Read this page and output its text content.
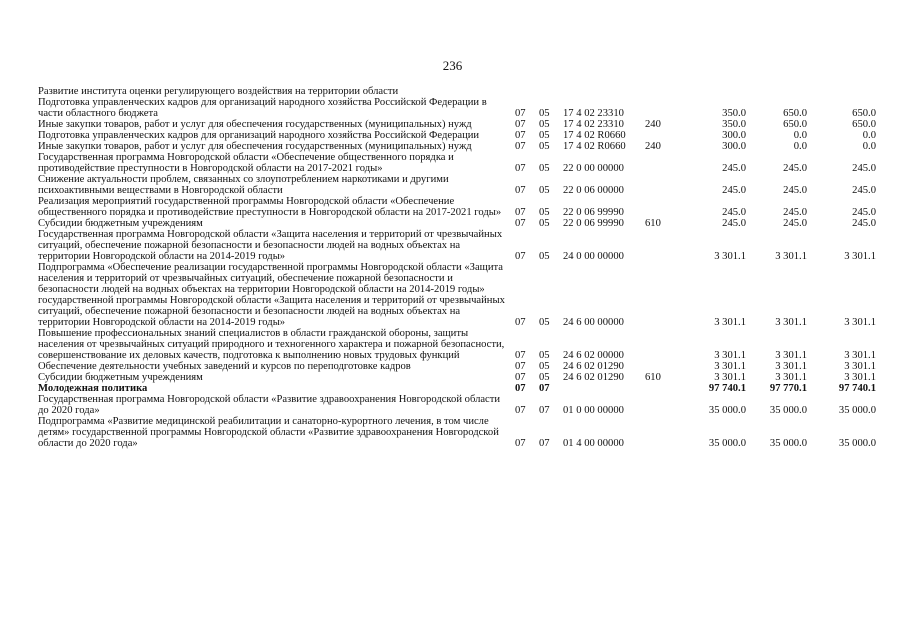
236
Развитие института оценки регулирующего воздействия на территории области							
Подготовка управленческих кадров для организаций народного хозяйства Российской Федерации в части областного бюджета	07	05	17 4 02 23310		350.0	650.0	650.0
Иные закупки товаров, работ и услуг для обеспечения государственных (муниципальных) нужд	07	05	17 4 02 23310	240	350.0	650.0	650.0
Подготовка управленческих кадров для организаций народного хозяйства Российской Федерации	07	05	17 4 02 R0660		300.0	0.0	0.0
Иные закупки товаров, работ и услуг для обеспечения государственных (муниципальных) нужд	07	05	17 4 02 R0660	240	300.0	0.0	0.0
Государственная программа Новгородской области «Обеспечение общественного порядка и противодействие преступности в Новгородской области на 2017-2021 годы»	07	05	22 0 00 00000		245.0	245.0	245.0
Снижение актуальности проблем, связанных со злоупотреблением наркотиками и другими психоактивными веществами в Новгородской области	07	05	22 0 06 00000		245.0	245.0	245.0
Реализация мероприятий государственной программы Новгородской области «Обеспечение общественного порядка и противодействие преступности в Новгородской области на 2017-2021 годы»	07	05	22 0 06 99990		245.0	245.0	245.0
Субсидии бюджетным учреждениям	07	05	22 0 06 99990	610	245.0	245.0	245.0
Государственная программа Новгородской области «Защита населения и территорий от чрезвычайных ситуаций, обеспечение пожарной безопасности и безопасности людей на водных объектах на территории Новгородской области на 2014-2019 годы»	07	05	24 0 00 00000		3 301.1	3 301.1	3 301.1
Подпрограмма «Обеспечение реализации государственной программы Новгородской области «Защита населения и территорий от чрезвычайных ситуаций, обеспечение пожарной безопасности и безопасности людей на водных объектах на территории Новгородской области на 2014-2019 годы» государственной программы Новгородской области «Защита населения и территорий от чрезвычайных ситуаций, обеспечение пожарной безопасности и безопасности людей на водных объектах на территории Новгородской области на 2014-2019 годы»	07	05	24 6 00 00000		3 301.1	3 301.1	3 301.1
Повышение профессиональных знаний специалистов в области гражданской обороны, защиты населения от чрезвычайных ситуаций природного и техногенного характера и пожарной безопасности, совершенствование их деловых качеств, подготовка к выполнению новых трудовых функций	07	05	24 6 02 00000		3 301.1	3 301.1	3 301.1
Обеспечение деятельности учебных заведений и курсов по переподготовке кадров	07	05	24 6 02 01290		3 301.1	3 301.1	3 301.1
Субсидии бюджетным учреждениям	07	05	24 6 02 01290	610	3 301.1	3 301.1	3 301.1
Молодежная политика	07	07			97 740.1	97 770.1	97 740.1
Государственная программа Новгородской области «Развитие здравоохранения Новгородской области до 2020 года»	07	07	01 0 00 00000		35 000.0	35 000.0	35 000.0
Подпрограмма «Развитие медицинской реабилитации и санаторно-курортного лечения, в том числе детям» государственной программы Новгородской области «Развитие здравоохранения Новгородской области до 2020 года»	07	07	01 4 00 00000		35 000.0	35 000.0	35 000.0
